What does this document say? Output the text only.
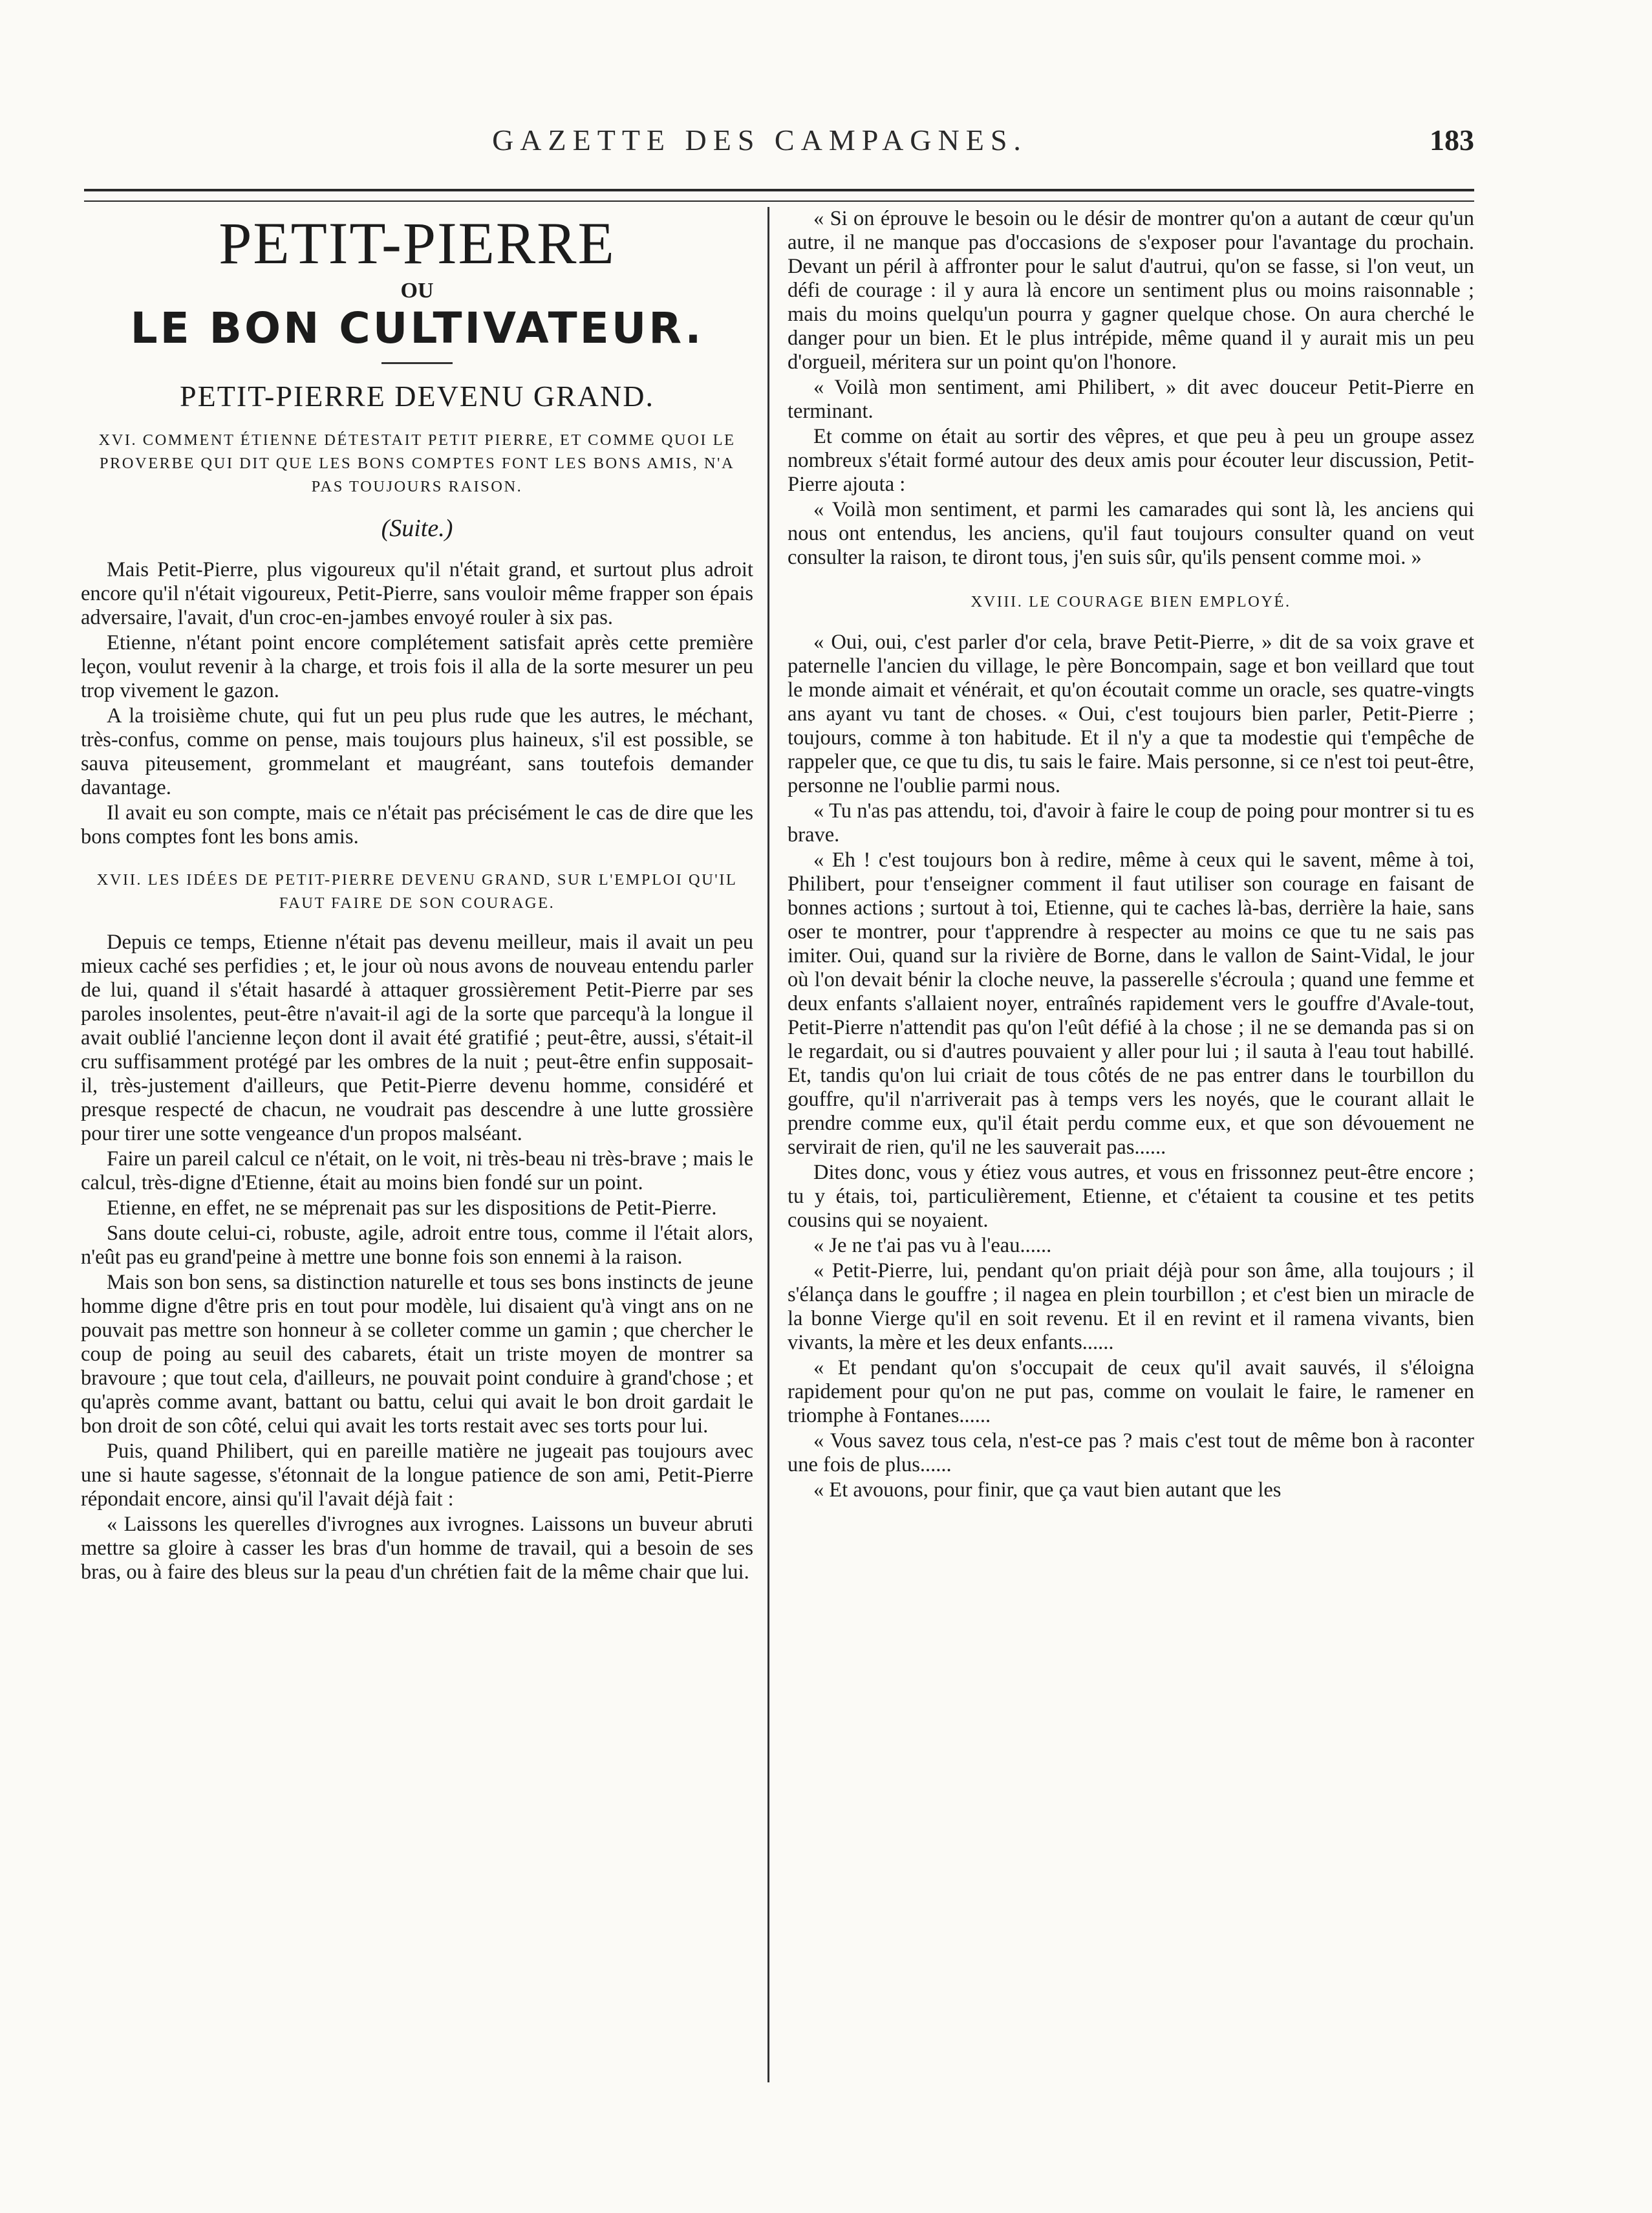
GAZETTE DES CAMPAGNES.	183
PETIT-PIERRE
OU
LE BON CULTIVATEUR.
PETIT-PIERRE DEVENU GRAND.
XVI. COMMENT ÉTIENNE DÉTESTAIT PETIT PIERRE, ET COMME QUOI LE PROVERBE QUI DIT QUE LES BONS COMPTES FONT LES BONS AMIS, N'A PAS TOUJOURS RAISON.
(Suite.)

Mais Petit-Pierre, plus vigoureux qu'il n'était grand, et surtout plus adroit encore qu'il n'était vigoureux, Petit-Pierre, sans vouloir même frapper son épais adversaire, l'avait, d'un croc-en-jambes envoyé rouler à six pas.

Etienne, n'étant point encore complétement satisfait après cette première leçon, voulut revenir à la charge, et trois fois il alla de la sorte mesurer un peu trop vivement le gazon.

A la troisième chute, qui fut un peu plus rude que les autres, le méchant, très-confus, comme on pense, mais toujours plus haineux, s'il est possible, se sauva piteusement, grommelant et maugréant, sans toutefois demander davantage.

Il avait eu son compte, mais ce n'était pas précisément le cas de dire que les bons comptes font les bons amis.

XVII. LES IDÉES DE PETIT-PIERRE DEVENU GRAND, SUR L'EMPLOI QU'IL FAUT FAIRE DE SON COURAGE.

Depuis ce temps, Etienne n'était pas devenu meilleur, mais il avait un peu mieux caché ses perfidies ; et, le jour où nous avons de nouveau entendu parler de lui, quand il s'était hasardé à attaquer grossièrement Petit-Pierre par ses paroles insolentes, peut-être n'avait-il agi de la sorte que parcequ'à la longue il avait oublié l'ancienne leçon dont il avait été gratifié ; peut-être, aussi, s'était-il cru suffisamment protégé par les ombres de la nuit ; peut-être enfin supposait-il, très-justement d'ailleurs, que Petit-Pierre devenu homme, considéré et presque respecté de chacun, ne voudrait pas descendre à une lutte grossière pour tirer une sotte vengeance d'un propos malséant.

Faire un pareil calcul ce n'était, on le voit, ni très-beau ni très-brave ; mais le calcul, très-digne d'Etienne, était au moins bien fondé sur un point.

Etienne, en effet, ne se méprenait pas sur les dispositions de Petit-Pierre.

Sans doute celui-ci, robuste, agile, adroit entre tous, comme il l'était alors, n'eût pas eu grand'peine à mettre une bonne fois son ennemi à la raison.

Mais son bon sens, sa distinction naturelle et tous ses bons instincts de jeune homme digne d'être pris en tout pour modèle, lui disaient qu'à vingt ans on ne pouvait pas mettre son honneur à se colleter comme un gamin ; que chercher le coup de poing au seuil des cabarets, était un triste moyen de montrer sa bravoure ; que tout cela, d'ailleurs, ne pouvait point conduire à grand'chose ; et qu'après comme avant, battant ou battu, celui qui avait le bon droit gardait le bon droit de son côté, celui qui avait les torts restait avec ses torts pour lui.

Puis, quand Philibert, qui en pareille matière ne jugeait pas toujours avec une si haute sagesse, s'étonnait de la longue patience de son ami, Petit-Pierre répondait encore, ainsi qu'il l'avait déjà fait :

« Laissons les querelles d'ivrognes aux ivrognes. Laissons un buveur abruti mettre sa gloire à casser les bras d'un homme de travail, qui a besoin de ses bras, ou à faire des bleus sur la peau d'un chrétien fait de la même chair que lui.

« Si on éprouve le besoin ou le désir de montrer qu'on a autant de cœur qu'un autre, il ne manque pas d'occasions de s'exposer pour l'avantage du prochain. Devant un péril à affronter pour le salut d'autrui, qu'on se fasse, si l'on veut, un défi de courage : il y aura là encore un sentiment plus ou moins raisonnable ; mais du moins quelqu'un pourra y gagner quelque chose. On aura cherché le danger pour un bien. Et le plus intrépide, même quand il y aurait mis un peu d'orgueil, méritera sur un point qu'on l'honore.

« Voilà mon sentiment, ami Philibert, » dit avec douceur Petit-Pierre en terminant.

Et comme on était au sortir des vêpres, et que peu à peu un groupe assez nombreux s'était formé autour des deux amis pour écouter leur discussion, Petit-Pierre ajouta :

« Voilà mon sentiment, et parmi les camarades qui sont là, les anciens qui nous ont entendus, les anciens, qu'il faut toujours consulter quand on veut consulter la raison, te diront tous, j'en suis sûr, qu'ils pensent comme moi. »

XVIII. LE COURAGE BIEN EMPLOYÉ.

« Oui, oui, c'est parler d'or cela, brave Petit-Pierre, » dit de sa voix grave et paternelle l'ancien du village, le père Boncompain, sage et bon veillard que tout le monde aimait et vénérait, et qu'on écoutait comme un oracle, ses quatre-vingts ans ayant vu tant de choses. « Oui, c'est toujours bien parler, Petit-Pierre ; toujours, comme à ton habitude. Et il n'y a que ta modestie qui t'empêche de rappeler que, ce que tu dis, tu sais le faire. Mais personne, si ce n'est toi peut-être, personne ne l'oublie parmi nous.

« Tu n'as pas attendu, toi, d'avoir à faire le coup de poing pour montrer si tu es brave.

« Eh ! c'est toujours bon à redire, même à ceux qui le savent, même à toi, Philibert, pour t'enseigner comment il faut utiliser son courage en faisant de bonnes actions ; surtout à toi, Etienne, qui te caches là-bas, derrière la haie, sans oser te montrer, pour t'apprendre à respecter au moins ce que tu ne sais pas imiter. Oui, quand sur la rivière de Borne, dans le vallon de Saint-Vidal, le jour où l'on devait bénir la cloche neuve, la passerelle s'écroula ; quand une femme et deux enfants s'allaient noyer, entraînés rapidement vers le gouffre d'Avale-tout, Petit-Pierre n'attendit pas qu'on l'eût défié à la chose ; il ne se demanda pas si on le regardait, ou si d'autres pouvaient y aller pour lui ; il sauta à l'eau tout habillé. Et, tandis qu'on lui criait de tous côtés de ne pas entrer dans le tourbillon du gouffre, qu'il n'arriverait pas à temps vers les noyés, que le courant allait le prendre comme eux, qu'il était perdu comme eux, et que son dévouement ne servirait de rien, qu'il ne les sauverait pas......

Dites donc, vous y étiez vous autres, et vous en frissonnez peut-être encore ; tu y étais, toi, particulièrement, Etienne, et c'étaient ta cousine et tes petits cousins qui se noyaient.

« Je ne t'ai pas vu à l'eau......

« Petit-Pierre, lui, pendant qu'on priait déjà pour son âme, alla toujours ; il s'élança dans le gouffre ; il nagea en plein tourbillon ; et c'est bien un miracle de la bonne Vierge qu'il en soit revenu. Et il en revint et il ramena vivants, bien vivants, la mère et les deux enfants......

« Et pendant qu'on s'occupait de ceux qu'il avait sauvés, il s'éloigna rapidement pour qu'on ne put pas, comme on voulait le faire, le ramener en triomphe à Fontanes......

« Vous savez tous cela, n'est-ce pas ? mais c'est tout de même bon à raconter une fois de plus......

« Et avouons, pour finir, que ça vaut bien autant que les
